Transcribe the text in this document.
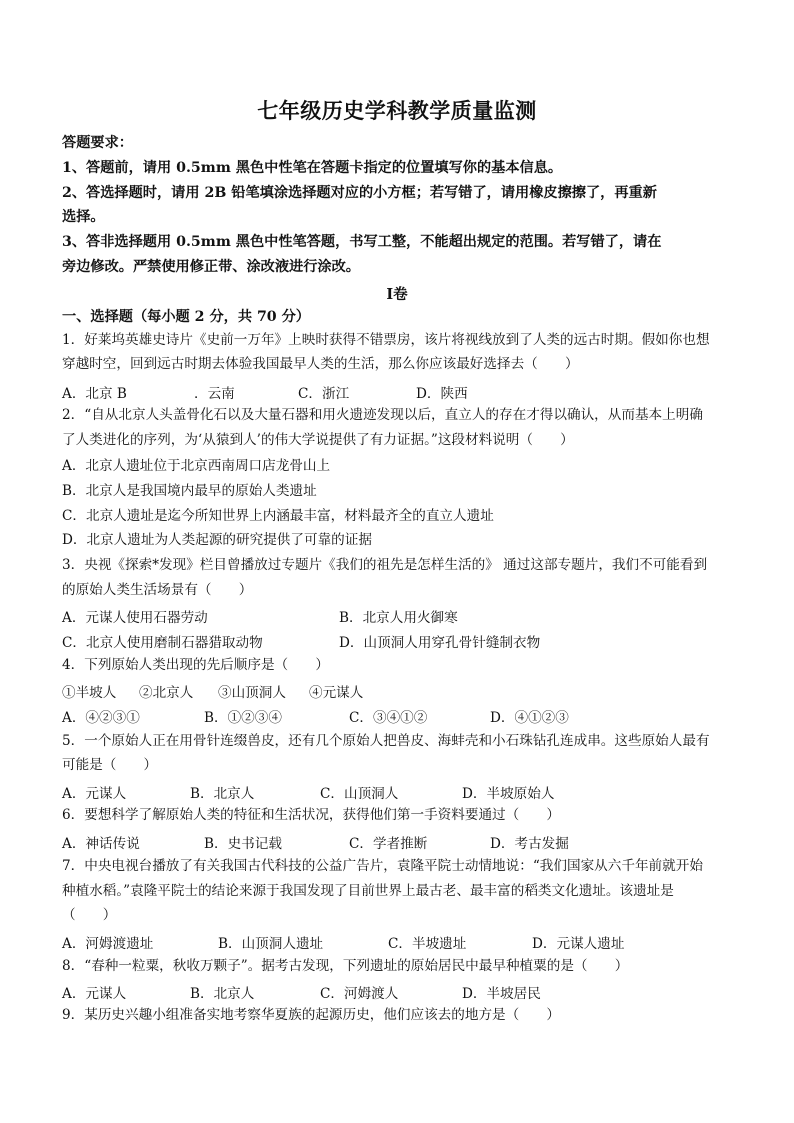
七年级历史学科教学质量监测
答题要求：
1、答题前，请用 0.5mm 黑色中性笔在答题卡指定的位置填写你的基本信息。
2、答选择题时，请用 2B 铅笔填涂选择题对应的小方框；若写错了，请用橡皮擦擦了，再重新
选择。
3、答非选择题用 0.5mm 黑色中性笔答题，书写工整，不能超出规定的范围。若写错了，请在
旁边修改。严禁使用修正带、涂改液进行涂改。
Ⅰ卷
一、选择题（每小题 2 分，共 70 分）
1．好莱坞英雄史诗片《史前一万年》上映时获得不错票房，该片将视线放到了人类的远古时期。假如你也想
穿越时空，回到远古时期去体验我国最早人类的生活，那么你应该最好选择去（　　）
A．北京 B	．云南	C．浙江	D．陕西
2．“自从北京人头盖骨化石以及大量石器和用火遗迹发现以后，直立人的存在才得以确认，从而基本上明确
了人类进化的序列，为‘从猿到人’的伟大学说提供了有力证据。”这段材料说明（　　）
A．北京人遗址位于北京西南周口店龙骨山上
B．北京人是我国境内最早的原始人类遗址
C．北京人遗址是迄今所知世界上内涵最丰富，材料最齐全的直立人遗址
D．北京人遗址为人类起源的研究提供了可靠的证据
3．央视《探索*发现》栏目曾播放过专题片《我们的祖先是怎样生活的》 通过这部专题片，我们不可能看到
的原始人类生活场景有（　　）
A．元谋人使用石器劳动	B．北京人用火御寒
C．北京人使用磨制石器猎取动物	D．山顶洞人用穿孔骨针缝制衣物
4．下列原始人类出现的先后顺序是（　　）
①半坡人 ②北京人 ③山顶洞人 ④元谋人
A．④②③①	B．①②③④	C．③④①②	D．④①②③
5．一个原始人正在用骨针连缀兽皮，还有几个原始人把兽皮、海蚌壳和小石珠钻孔连成串。这些原始人最有
可能是（　　）
A．元谋人	B．北京人	C．山顶洞人	D．半坡原始人
6．要想科学了解原始人类的特征和生活状况，获得他们第一手资料要通过（　　）
A．神话传说	B．史书记载	C．学者推断	D．考古发掘
7．中央电视台播放了有关我国古代科技的公益广告片，袁隆平院士动情地说：“我们国家从六千年前就开始
种植水稻。”袁隆平院士的结论来源于我国发现了目前世界上最古老、最丰富的稻类文化遗址。该遗址是
（　　）
A．河姆渡遗址	B．山顶洞人遗址	C．半坡遗址	D．元谋人遗址
8．“春种一粒粟，秋收万颗子”。据考古发现，下列遗址的原始居民中最早种植粟的是（　　）
A．元谋人	B．北京人	C．河姆渡人	D．半坡居民
9．某历史兴趣小组准备实地考察华夏族的起源历史，他们应该去的地方是（　　）
